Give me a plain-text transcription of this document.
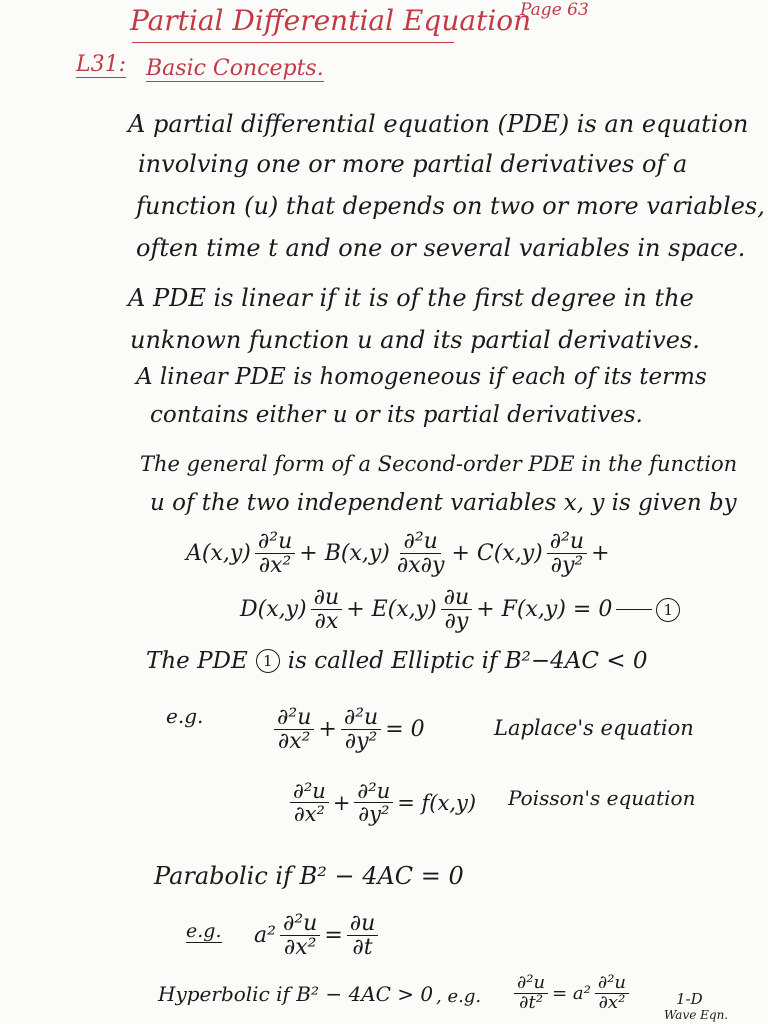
Partial Differential Equation
Page 63
L31: Basic Concepts.
A partial differential equation (PDE) is an equation
involving one or more partial derivatives of a
function (u) that depends on two or more variables,
often time t and one or several variables in space.
A PDE is linear if it is of the first degree in the
unknown function u and its partial derivatives.
A linear PDE is homogeneous if each of its terms
contains either u or its partial derivatives.
The general form of a Second-order PDE in the function
u of the two independent variables x, y is given by
A(x,y) ∂²u
∂x² + B(x,y) ∂²u
∂x∂y + C(x,y) ∂²u
∂y² +
D(x,y) ∂u
∂x + E(x,y) ∂u
∂y + F(x,y) = 0	1
The PDE	1 is called Elliptic if B²−4AC < 0
e.g.	∂²u
$\partial x^2 + \frac{\text{∂²u}}{\text{∂y²}} = 0$	Laplace's equation
∂²u
$\partial x^2 + \frac{\text{∂²u}}{\text{∂y²}} = f(x,y)$ Poisson's equation
Parabolic if B² − 4AC = 0
e.g. $a^2 \frac{\text{∂²u}}{\text{∂x²}} = \frac{\partial u}{\partial t}$
Hyperbolic if B² − 4AC > 0 , e.g. $\frac{\text{∂²u}}{\text{∂t²}} = a^2$
∂²u
∂x²	1-D
Wave Eqn.
